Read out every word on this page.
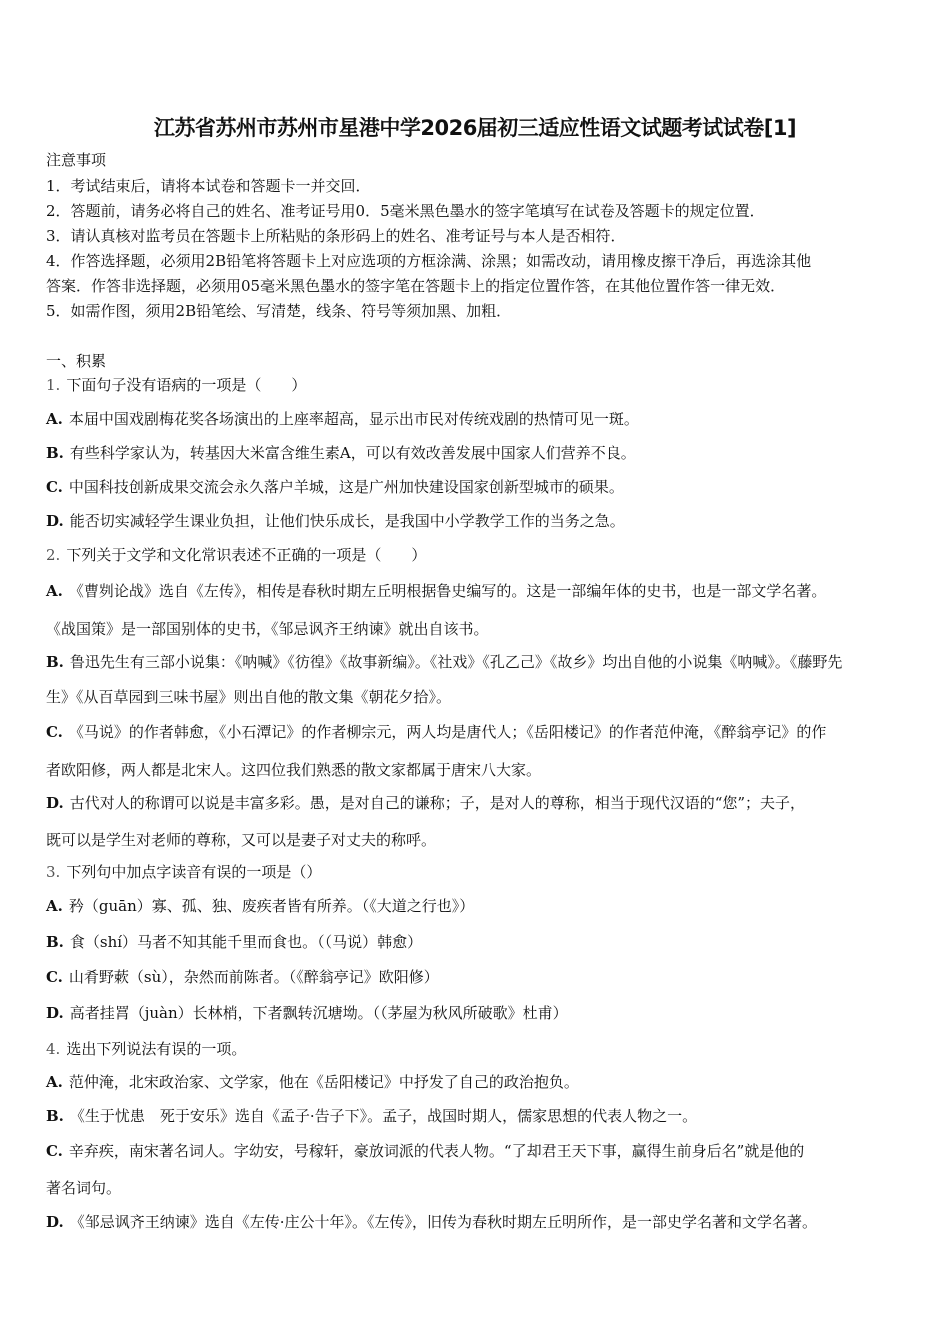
江苏省苏州市苏州市星港中学2026届初三适应性语文试题考试试卷[1]
注意事项
1．考试结束后，请将本试卷和答题卡一并交回．
2．答题前，请务必将自己的姓名、准考证号用0．5毫米黑色墨水的签字笔填写在试卷及答题卡的规定位置．
3．请认真核对监考员在答题卡上所粘贴的条形码上的姓名、准考证号与本人是否相符．
4．作答选择题，必须用2B铅笔将答题卡上对应选项的方框涂满、涂黑；如需改动，请用橡皮擦干净后，再选涂其他
答案．作答非选择题，必须用05毫米黑色墨水的签字笔在答题卡上的指定位置作答，在其他位置作答一律无效．
5．如需作图，须用2B铅笔绘、写清楚，线条、符号等须加黑、加粗．
一、积累
1. 下面句子没有语病的一项是（　　）
A. 本届中国戏剧梅花奖各场演出的上座率超高，显示出市民对传统戏剧的热情可见一斑。
B. 有些科学家认为，转基因大米富含维生素A，可以有效改善发展中国家人们营养不良。
C. 中国科技创新成果交流会永久落户羊城，这是广州加快建设国家创新型城市的硕果。
D. 能否切实减轻学生课业负担，让他们快乐成长，是我国中小学教学工作的当务之急。
2. 下列关于文学和文化常识表述不正确的一项是（　　）
A. 《曹刿论战》选自《左传》，相传是春秋时期左丘明根据鲁史编写的。这是一部编年体的史书，也是一部文学名著。
《战国策》是一部国别体的史书，《邹忌讽齐王纳谏》就出自该书。
B. 鲁迅先生有三部小说集：《呐喊》《彷徨》《故事新编》。《社戏》《孔乙己》《故乡》均出自他的小说集《呐喊》。《藤野先
生》《从百草园到三味书屋》则出自他的散文集《朝花夕拾》。
C. 《马说》的作者韩愈，《小石潭记》的作者柳宗元，两人均是唐代人；《岳阳楼记》的作者范仲淹，《醉翁亭记》的作
者欧阳修，两人都是北宋人。这四位我们熟悉的散文家都属于唐宋八大家。
D. 古代对人的称谓可以说是丰富多彩。愚，是对自己的谦称；子，是对人的尊称，相当于现代汉语的“您”；夫子，
既可以是学生对老师的尊称，又可以是妻子对丈夫的称呼。
3. 下列句中加点字读音有误的一项是（）
A. 矜（guān）寡、孤、独、废疾者皆有所养。（《大道之行也》）
B. 食（shí）马者不知其能千里而食也。（（马说）韩愈）
C. 山肴野蔌（sù），杂然而前陈者。（《醉翁亭记》欧阳修）
D. 高者挂罥（juàn）长林梢，下者飘转沉塘坳。（（茅屋为秋风所破歌》杜甫）
4. 选出下列说法有误的一项。
A. 范仲淹，北宋政治家、文学家，他在《岳阳楼记》中抒发了自己的政治抱负。
B. 《生于忧患　死于安乐》选自《孟子·告子下》。孟子，战国时期人，儒家思想的代表人物之一。
C. 辛弃疾，南宋著名词人。字幼安，号稼轩，豪放词派的代表人物。“了却君王天下事，赢得生前身后名”就是他的
著名词句。
D. 《邹忌讽齐王纳谏》选自《左传·庄公十年》。《左传》，旧传为春秋时期左丘明所作，是一部史学名著和文学名著。
